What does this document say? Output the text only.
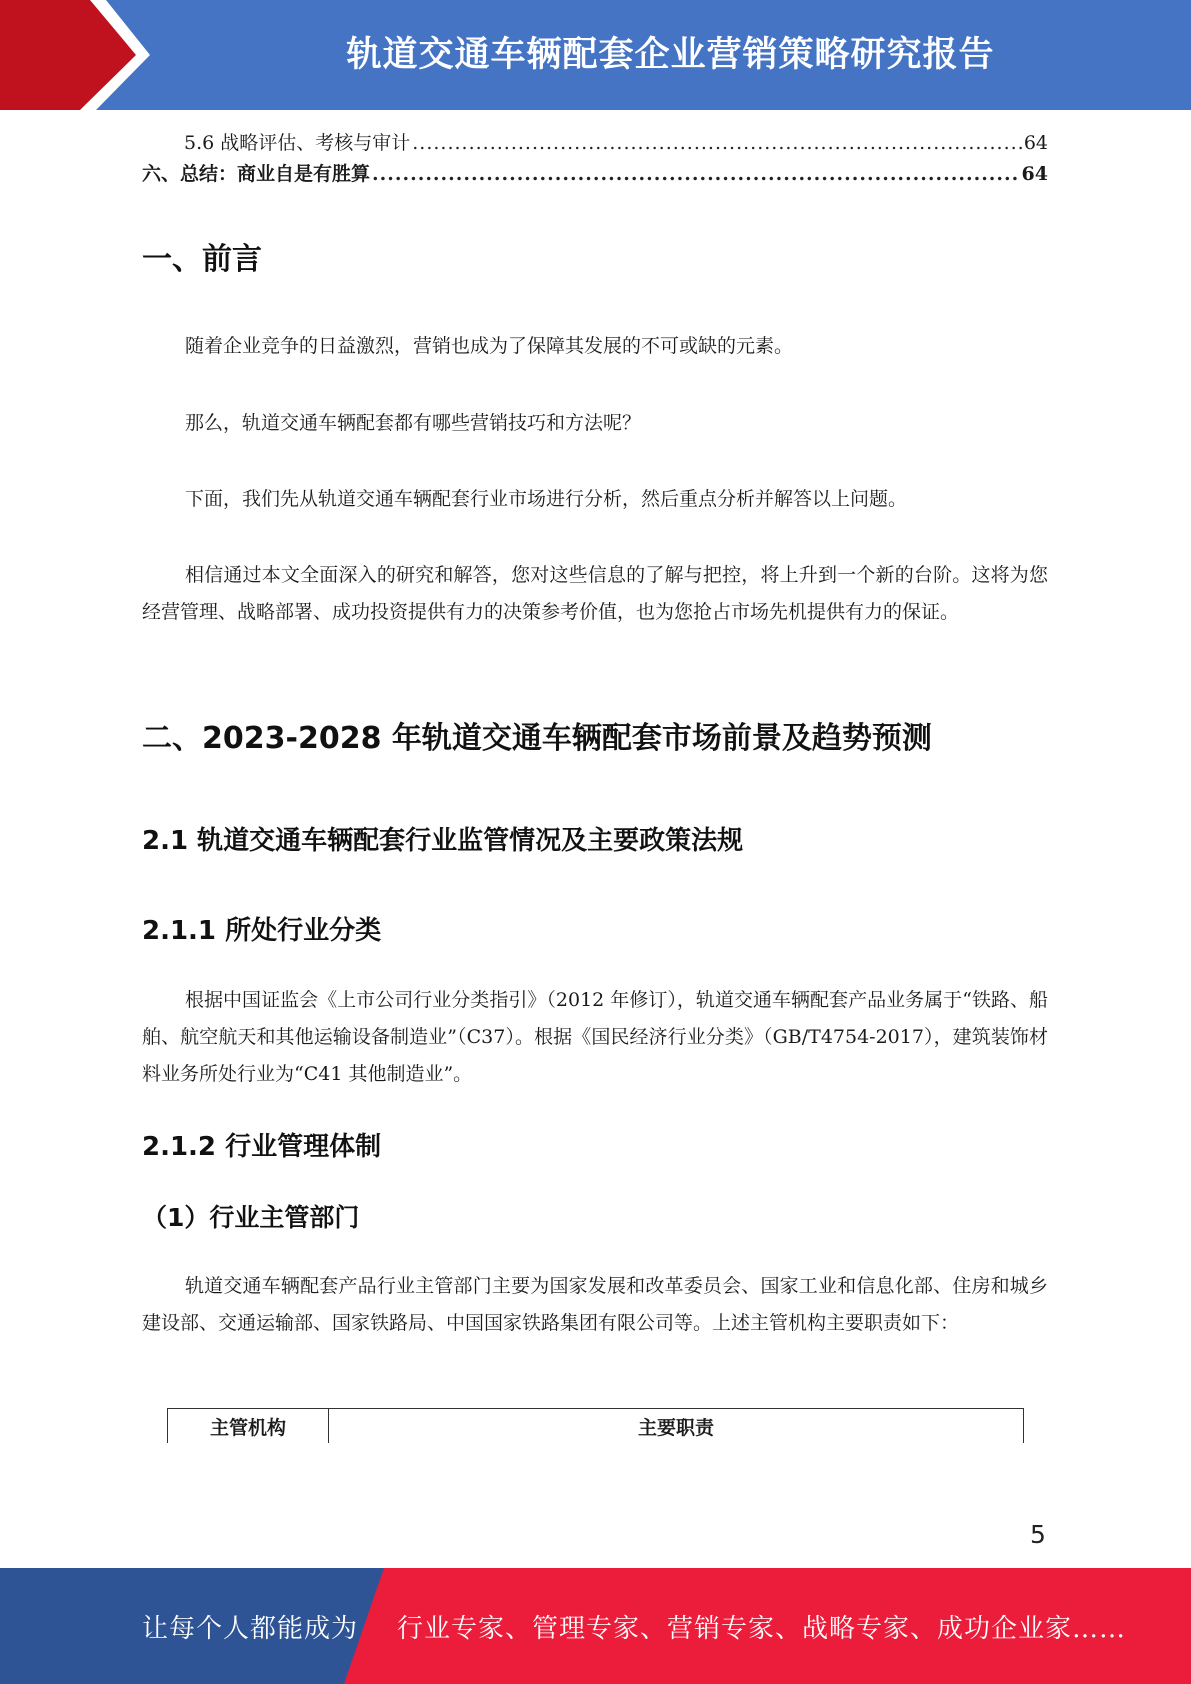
轨道交通车辆配套企业营销策略研究报告
5.6 战略评估、考核与审计 .....	64
六、总结：商业自是有胜算 .....	64
一、前言
随着企业竞争的日益激烈，营销也成为了保障其发展的不可或缺的元素。
那么，轨道交通车辆配套都有哪些营销技巧和方法呢？
下面，我们先从轨道交通车辆配套行业市场进行分析，然后重点分析并解答以上问题。
相信通过本文全面深入的研究和解答，您对这些信息的了解与把控，将上升到一个新的台阶。这将为您经营管理、战略部署、成功投资提供有力的决策参考价值，也为您抢占市场先机提供有力的保证。
二、2023-2028 年轨道交通车辆配套市场前景及趋势预测
2.1 轨道交通车辆配套行业监管情况及主要政策法规
2.1.1 所处行业分类
根据中国证监会《上市公司行业分类指引》（2012 年修订），轨道交通车辆配套产品业务属于“铁路、船舶、航空航天和其他运输设备制造业”（C37）。根据《国民经济行业分类》（GB/T4754-2017），建筑装饰材料业务所处行业为“C41 其他制造业”。
2.1.2 行业管理体制
（1）行业主管部门
轨道交通车辆配套产品行业主管部门主要为国家发展和改革委员会、国家工业和信息化部、住房和城乡建设部、交通运输部、国家铁路局、中国国家铁路集团有限公司等。上述主管机构主要职责如下：
主管机构	主要职责
5
让每个人都能成为 行业专家、管理专家、营销专家、战略专家、成功企业家……
